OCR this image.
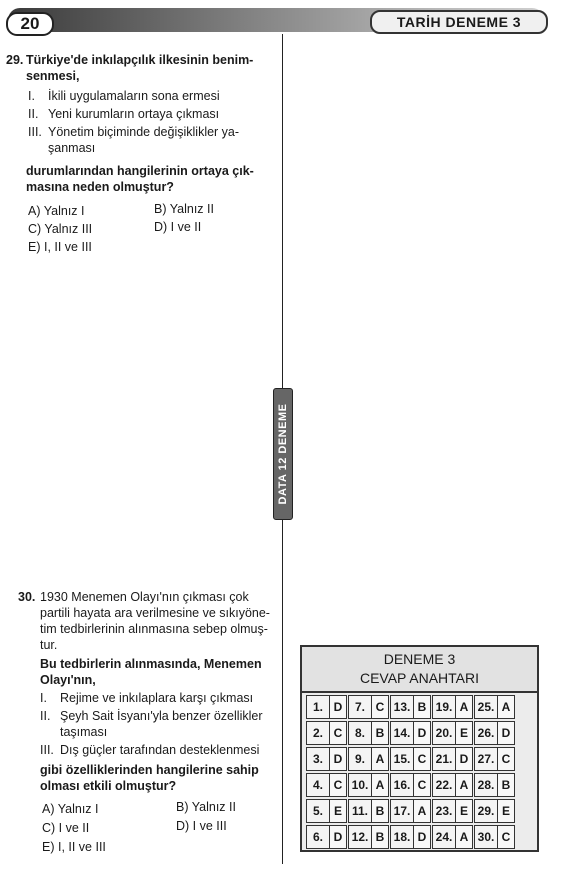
20	TARİH DENEME 3
DATA 12 DENEME
29. Türkiye'de inkılapçılık ilkesinin benim-
senmesi,
I.	İkili uygulamaların sona ermesi
II. Yeni kurumların ortaya çıkması
III. Yönetim biçiminde değişiklikler ya-
şanması
durumlarından hangilerinin ortaya çık-
masına neden olmuştur?
A) Yalnız I	B) Yalnız II
C) Yalnız III	D) I ve II
E) I, II ve III
30. 1930 Menemen Olayı'nın çıkması çok
partili hayata ara verilmesine ve sıkıyöne-
tim tedbirlerinin alınmasına sebep olmuş-
tur.
Bu tedbirlerin alınmasında, Menemen
Olayı'nın,
I.	Rejime ve inkılaplara karşı çıkması
II. Şeyh Sait İsyanı'yla benzer özellikler
taşıması
III. Dış güçler tarafından desteklenmesi
gibi özelliklerinden hangilerine sahip
olması etkili olmuştur?
A) Yalnız I	B) Yalnız II
C) I ve II	D) I ve III
E) I, II ve III
DENEME 3
CEVAP ANAHTARI
1. D	7. C 13. B 19. A 25. A
2. C	8. B 14. D 20. E 26. D
3. D	9. A 15. C 21. D 27. C
4. C 10. A 16. C 22. A 28. B
5. E 11. B 17. A 23. E 29. E
6. D 12. B 18. D 24. A 30. C
